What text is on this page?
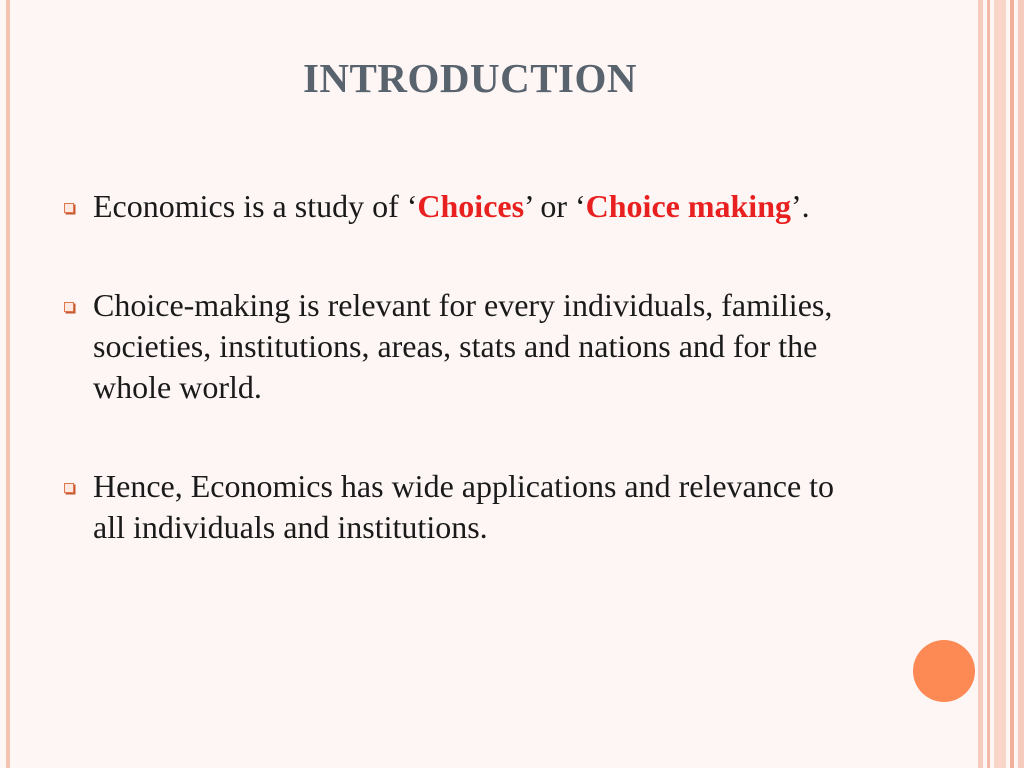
INTRODUCTION
Economics is a study of ‘Choices’ or ‘Choice making’.
Choice-making is relevant for every individuals, families, societies, institutions, areas, stats and nations and for the whole world.
Hence, Economics has wide applications and relevance to all individuals and institutions.
